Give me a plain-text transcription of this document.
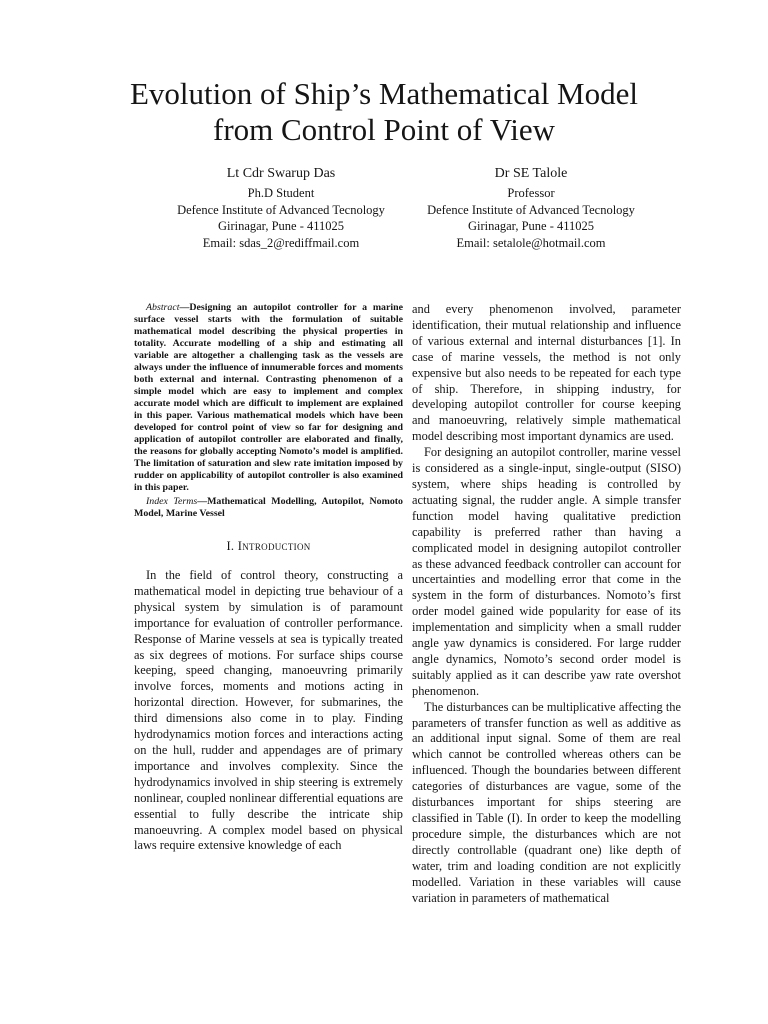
Evolution of Ship’s Mathematical Model from Control Point of View
Lt Cdr Swarup Das
Ph.D Student
Defence Institute of Advanced Tecnology
Girinagar, Pune - 411025
Email: sdas_2@rediffmail.com
Dr SE Talole
Professor
Defence Institute of Advanced Tecnology
Girinagar, Pune - 411025
Email: setalole@hotmail.com

Abstract—Designing an autopilot controller for a marine surface vessel starts with the formulation of suitable mathematical model describing the physical properties in totality. Accurate modelling of a ship and estimating all variable are altogether a challenging task as the vessels are always under the influence of innumerable forces and moments both external and internal. Contrasting phenomenon of a simple model which are easy to implement and complex accurate model which are difficult to implement are explained in this paper. Various mathematical models which have been developed for control point of view so far for designing and application of autopilot controller are elaborated and finally, the reasons for globally accepting Nomoto’s model is amplified. The limitation of saturation and slew rate imitation imposed by rudder on applicability of autopilot controller is also examined in this paper.

Index Terms—Mathematical Modelling, Autopilot, Nomoto Model, Marine Vessel

I. Introduction

In the field of control theory, constructing a mathematical model in depicting true behaviour of a physical system by simulation is of paramount importance for evaluation of controller performance. Response of Marine vessels at sea is typically treated as six degrees of motions. For surface ships course keeping, speed changing, manoeuvring primarily involve forces, moments and motions acting in horizontal direction. However, for submarines, the third dimensions also come in to play. Finding hydrodynamics motion forces and interactions acting on the hull, rudder and appendages are of primary importance and involves complexity. Since the hydrodynamics involved in ship steering is extremely nonlinear, coupled nonlinear differential equations are essential to fully describe the intricate ship manoeuvring. A complex model based on physical laws require extensive knowledge of each

and every phenomenon involved, parameter identification, their mutual relationship and influence of various external and internal disturbances [1]. In case of marine vessels, the method is not only expensive but also needs to be repeated for each type of ship. Therefore, in shipping industry, for developing autopilot controller for course keeping and manoeuvring, relatively simple mathematical model describing most important dynamics are used.

For designing an autopilot controller, marine vessel is considered as a single-input, single-output (SISO) system, where ships heading is controlled by actuating signal, the rudder angle. A simple transfer function model having qualitative prediction capability is preferred rather than having a complicated model in designing autopilot controller as these advanced feedback controller can account for uncertainties and modelling error that come in the system in the form of disturbances. Nomoto’s first order model gained wide popularity for ease of its implementation and simplicity when a small rudder angle yaw dynamics is considered. For large rudder angle dynamics, Nomoto’s second order model is suitably applied as it can describe yaw rate overshot phenomenon.

The disturbances can be multiplicative affecting the parameters of transfer function as well as additive as an additional input signal. Some of them are real which cannot be controlled whereas others can be influenced. Though the boundaries between different categories of disturbances are vague, some of the disturbances important for ships steering are classified in Table (I). In order to keep the modelling procedure simple, the disturbances which are not directly controllable (quadrant one) like depth of water, trim and loading condition are not explicitly modelled. Variation in these variables will cause variation in parameters of mathematical
